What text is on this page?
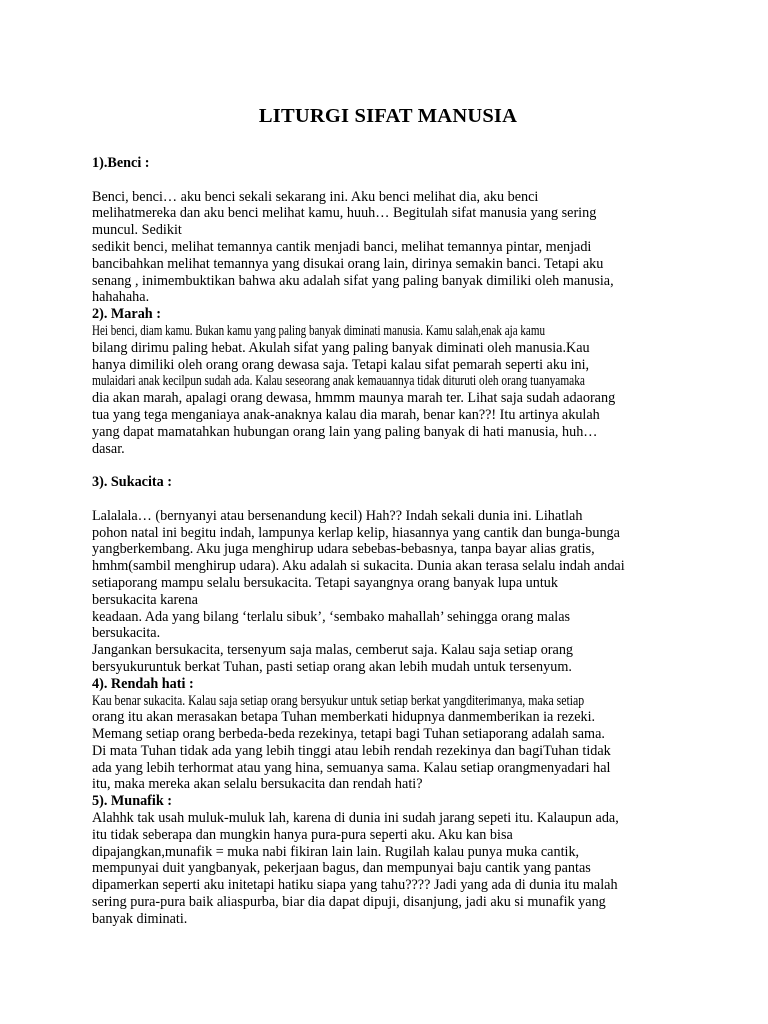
LITURGI SIFAT MANUSIA
1).Benci :
Benci, benci… aku benci sekali sekarang ini. Aku benci melihat dia, aku benci
melihatmereka dan aku benci melihat kamu, huuh… Begitulah sifat manusia yang sering
muncul. Sedikit
sedikit benci, melihat temannya cantik menjadi banci, melihat temannya pintar, menjadi
bancibahkan melihat temannya yang disukai orang lain, dirinya semakin banci. Tetapi aku
senang , inimembuktikan bahwa aku adalah sifat yang paling banyak dimiliki oleh manusia,
hahahaha.
2). Marah :
Hei benci, diam kamu. Bukan kamu yang paling banyak diminati manusia. Kamu salah,enak aja kamu
bilang dirimu paling hebat. Akulah sifat yang paling banyak diminati oleh manusia.Kau
hanya dimiliki oleh orang orang dewasa saja. Tetapi kalau sifat pemarah seperti aku ini,
mulaidari anak kecilpun sudah ada. Kalau seseorang anak kemauannya tidak dituruti oleh orang tuanyamaka
dia akan marah, apalagi orang dewasa, hmmm maunya marah ter. Lihat saja sudah adaorang
tua yang tega menganiaya anak-anaknya kalau dia marah, benar kan??! Itu artinya akulah
yang dapat mamatahkan hubungan orang lain yang paling banyak di hati manusia, huh…
dasar.
3). Sukacita :
Lalalala… (bernyanyi atau bersenandung kecil) Hah?? Indah sekali dunia ini. Lihatlah
pohon natal ini begitu indah, lampunya kerlap kelip, hiasannya yang cantik dan bunga-bunga
yangberkembang. Aku juga menghirup udara sebebas-bebasnya, tanpa bayar alias gratis,
hmhm(sambil menghirup udara). Aku adalah si sukacita. Dunia akan terasa selalu indah andai
setiaporang mampu selalu bersukacita. Tetapi sayangnya orang banyak lupa untuk
bersukacita karena
keadaan. Ada yang bilang ‘terlalu sibuk’, ‘sembako mahallah’ sehingga orang malas
bersukacita.
Jangankan bersukacita, tersenyum saja malas, cemberut saja. Kalau saja setiap orang
bersyukuruntuk berkat Tuhan, pasti setiap orang akan lebih mudah untuk tersenyum.
4). Rendah hati :
Kau benar sukacita. Kalau saja setiap orang bersyukur untuk setiap berkat yangditerimanya, maka setiap
orang itu akan merasakan betapa Tuhan memberkati hidupnya danmemberikan ia rezeki.
Memang setiap orang berbeda-beda rezekinya, tetapi bagi Tuhan setiaporang adalah sama.
Di mata Tuhan tidak ada yang lebih tinggi atau lebih rendah rezekinya dan bagiTuhan tidak
ada yang lebih terhormat atau yang hina, semuanya sama. Kalau setiap orangmenyadari hal
itu, maka mereka akan selalu bersukacita dan rendah hati?
5). Munafik :
Alahhk tak usah muluk-muluk lah, karena di dunia ini sudah jarang sepeti itu. Kalaupun ada,
itu tidak seberapa dan mungkin hanya pura-pura seperti aku. Aku kan bisa
dipajangkan,munafik = muka nabi fikiran lain lain. Rugilah kalau punya muka cantik,
mempunyai duit yangbanyak, pekerjaan bagus, dan mempunyai baju cantik yang pantas
dipamerkan seperti aku initetapi hatiku siapa yang tahu???? Jadi yang ada di dunia itu malah
sering pura-pura baik aliaspurba, biar dia dapat dipuji, disanjung, jadi aku si munafik yang
banyak diminati.
